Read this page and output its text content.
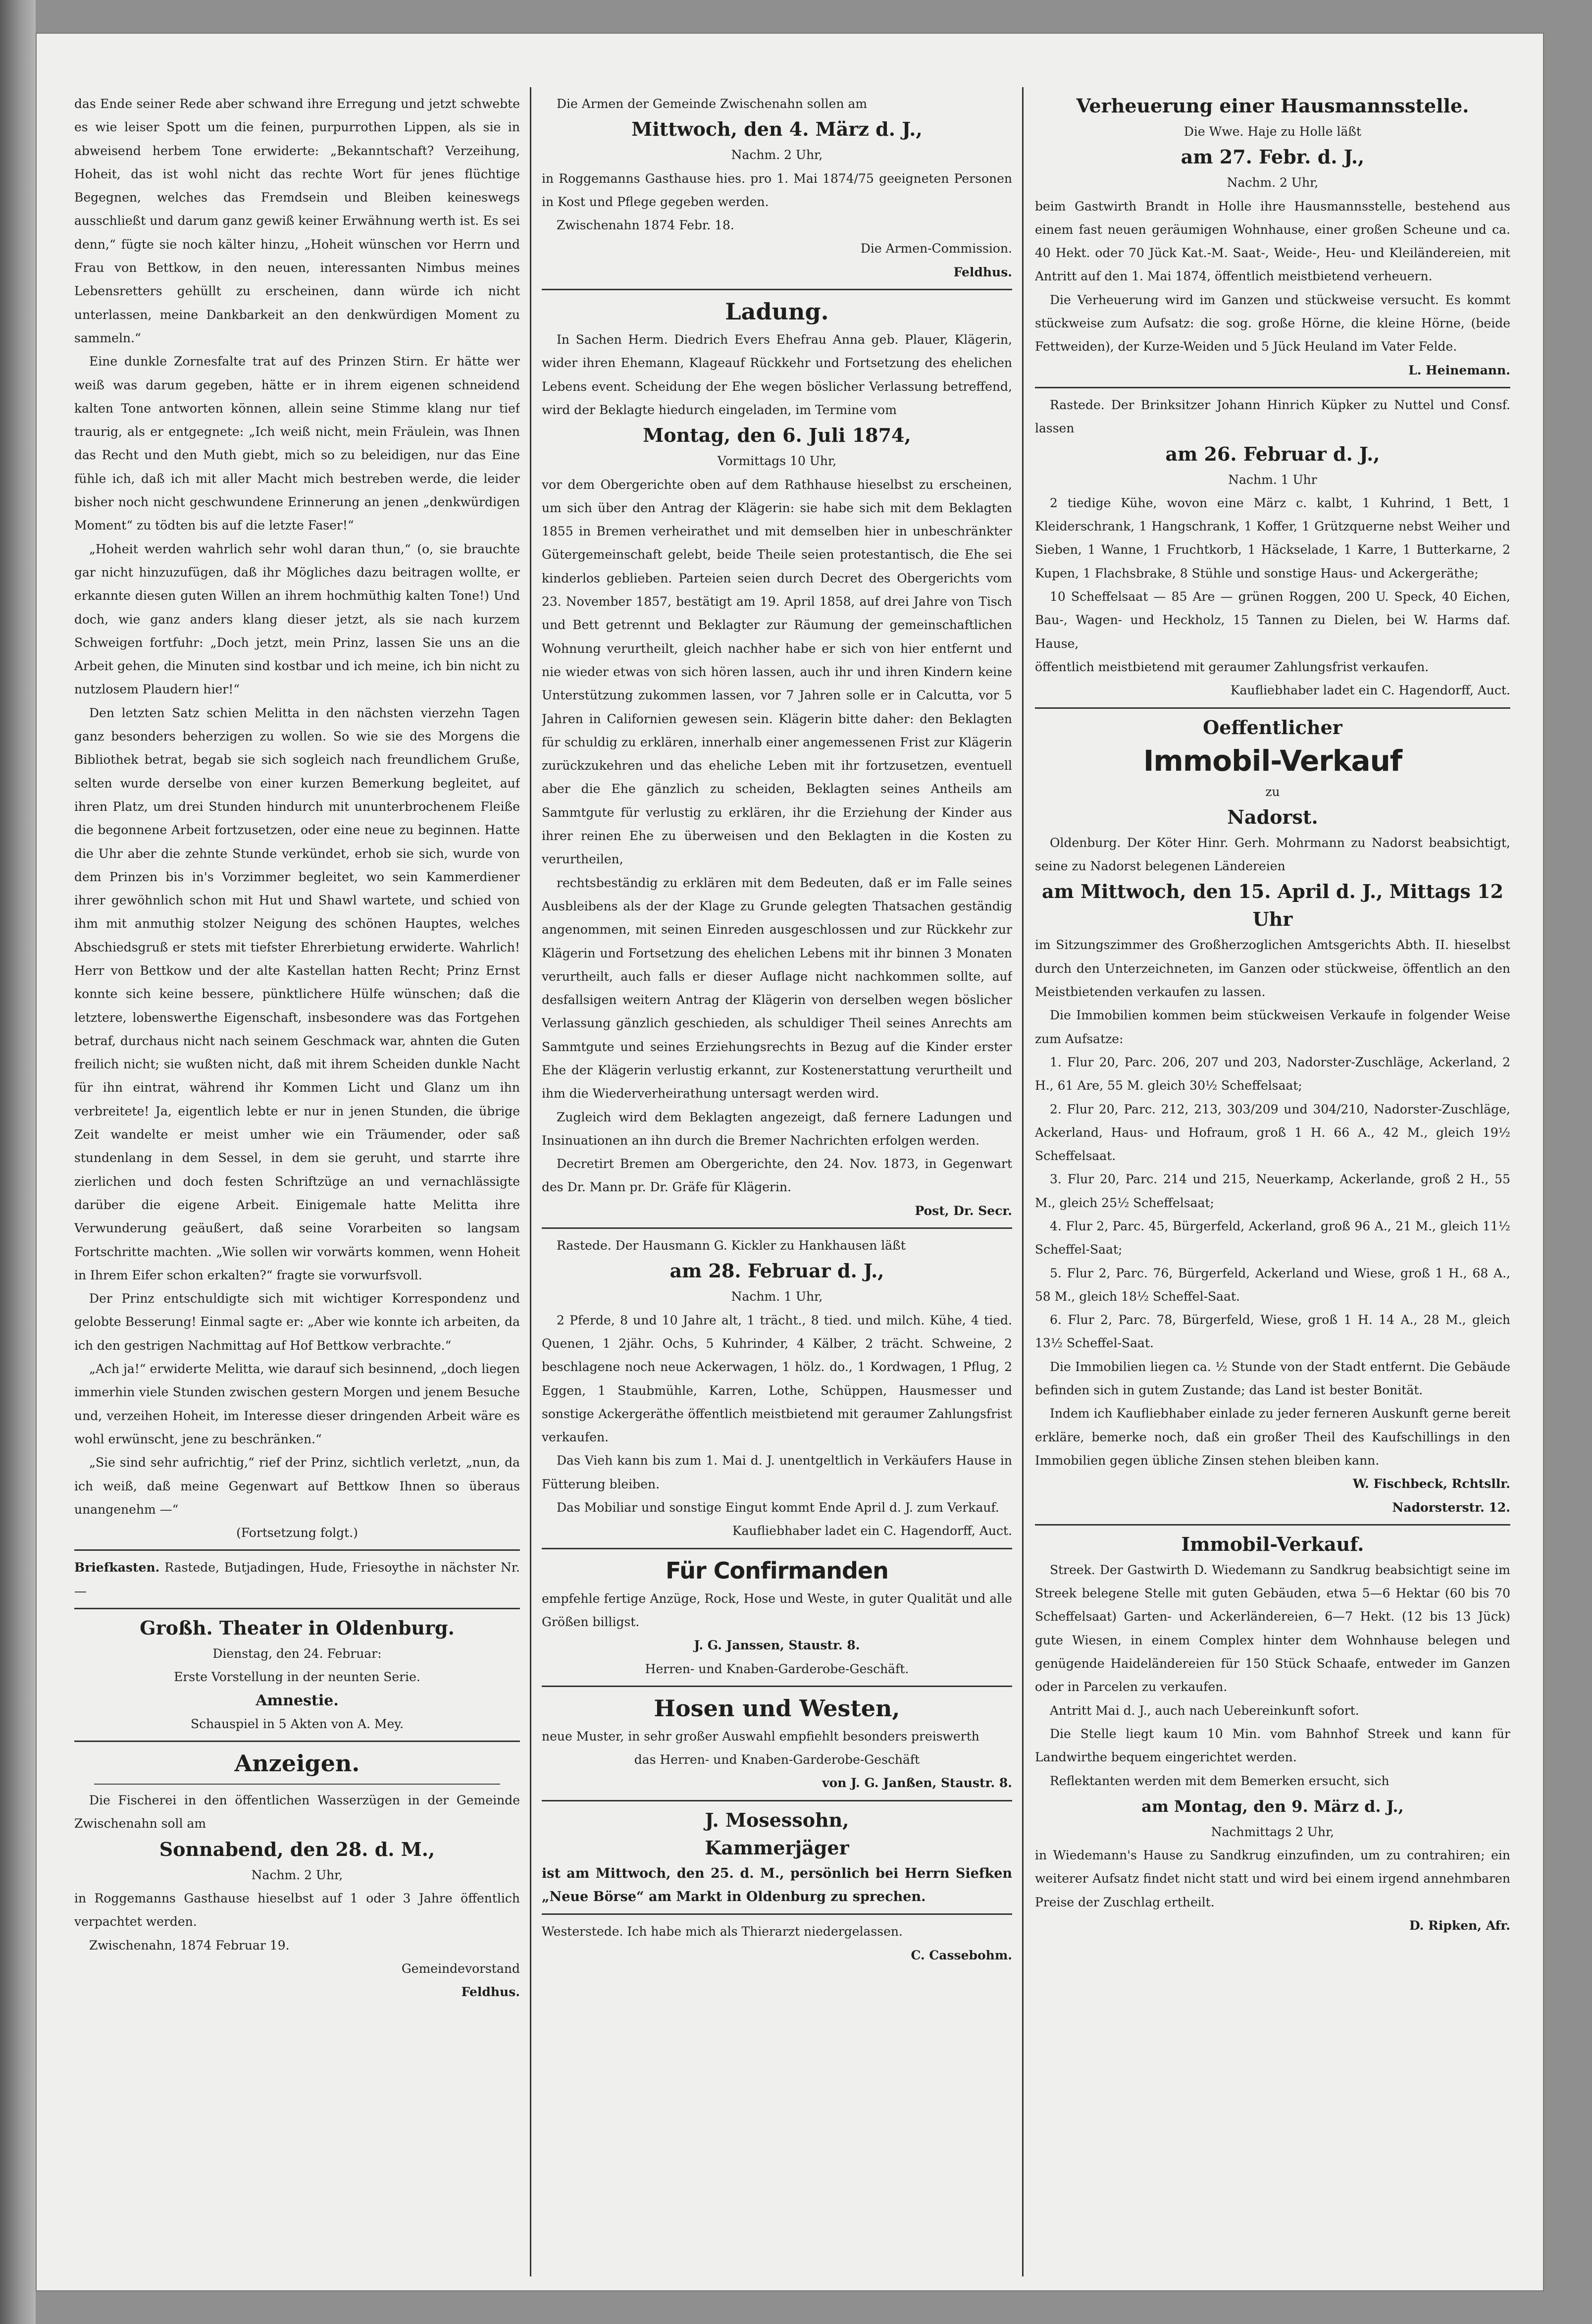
das Ende seiner Rede aber schwand ihre Erregung und jetzt schwebte es wie leiser Spott um die feinen, purpurrothen Lippen, als sie in abweisend herbem Tone erwiderte: „Bekanntschaft? Verzeihung, Hoheit, das ist wohl nicht das rechte Wort für jenes flüchtige Begegnen, welches das Fremdsein und Bleiben keineswegs ausschließt und darum ganz gewiß keiner Erwähnung werth ist. Es sei denn,“ fügte sie noch kälter hinzu, „Hoheit wünschen vor Herrn und Frau von Bettkow, in den neuen, interessanten Nimbus meines Lebensretters gehüllt zu erscheinen, dann würde ich nicht unterlassen, meine Dankbarkeit an den denkwürdigen Moment zu sammeln.“

Eine dunkle Zornesfalte trat auf des Prinzen Stirn. Er hätte wer weiß was darum gegeben, hätte er in ihrem eigenen schneidend kalten Tone antworten können, allein seine Stimme klang nur tief traurig, als er entgegnete: „Ich weiß nicht, mein Fräulein, was Ihnen das Recht und den Muth giebt, mich so zu beleidigen, nur das Eine fühle ich, daß ich mit aller Macht mich bestreben werde, die leider bisher noch nicht geschwundene Erinnerung an jenen „denkwürdigen Moment“ zu tödten bis auf die letzte Faser!“

„Hoheit werden wahrlich sehr wohl daran thun,“ (o, sie brauchte gar nicht hinzuzufügen, daß ihr Mögliches dazu beitragen wollte, er erkannte diesen guten Willen an ihrem hochmüthig kalten Tone!) Und doch, wie ganz anders klang dieser jetzt, als sie nach kurzem Schweigen fortfuhr: „Doch jetzt, mein Prinz, lassen Sie uns an die Arbeit gehen, die Minuten sind kostbar und ich meine, ich bin nicht zu nutzlosem Plaudern hier!“

Den letzten Satz schien Melitta in den nächsten vierzehn Tagen ganz besonders beherzigen zu wollen. So wie sie des Morgens die Bibliothek betrat, begab sie sich sogleich nach freundlichem Gruße, selten wurde derselbe von einer kurzen Bemerkung begleitet, auf ihren Platz, um drei Stunden hindurch mit ununterbrochenem Fleiße die begonnene Arbeit fortzusetzen, oder eine neue zu beginnen. Hatte die Uhr aber die zehnte Stunde verkündet, erhob sie sich, wurde von dem Prinzen bis in's Vorzimmer begleitet, wo sein Kammerdiener ihrer gewöhnlich schon mit Hut und Shawl wartete, und schied von ihm mit anmuthig stolzer Neigung des schönen Hauptes, welches Abschiedsgruß er stets mit tiefster Ehrerbietung erwiderte. Wahrlich! Herr von Bettkow und der alte Kastellan hatten Recht; Prinz Ernst konnte sich keine bessere, pünktlichere Hülfe wünschen; daß die letztere, lobenswerthe Eigenschaft, insbesondere was das Fortgehen betraf, durchaus nicht nach seinem Geschmack war, ahnten die Guten freilich nicht; sie wußten nicht, daß mit ihrem Scheiden dunkle Nacht für ihn eintrat, während ihr Kommen Licht und Glanz um ihn verbreitete! Ja, eigentlich lebte er nur in jenen Stunden, die übrige Zeit wandelte er meist umher wie ein Träumender, oder saß stundenlang in dem Sessel, in dem sie geruht, und starrte ihre zierlichen und doch festen Schriftzüge an und vernachlässigte darüber die eigene Arbeit. Einigemale hatte Melitta ihre Verwunderung geäußert, daß seine Vorarbeiten so langsam Fortschritte machten. „Wie sollen wir vorwärts kommen, wenn Hoheit in Ihrem Eifer schon erkalten?“ fragte sie vorwurfsvoll.

Der Prinz entschuldigte sich mit wichtiger Korrespondenz und gelobte Besserung! Einmal sagte er: „Aber wie konnte ich arbeiten, da ich den gestrigen Nachmittag auf Hof Bettkow verbrachte.“

„Ach ja!“ erwiderte Melitta, wie darauf sich besinnend, „doch liegen immerhin viele Stunden zwischen gestern Morgen und jenem Besuche und, verzeihen Hoheit, im Interesse dieser dringenden Arbeit wäre es wohl erwünscht, jene zu beschränken.“

„Sie sind sehr aufrichtig,“ rief der Prinz, sichtlich verletzt, „nun, da ich weiß, daß meine Gegenwart auf Bettkow Ihnen so überaus unangenehm —“

(Fortsetzung folgt.)

Briefkasten. Rastede, Butjadingen, Hude, Friesoythe in nächster Nr. —

Großh. Theater in Oldenburg.

Dienstag, den 24. Februar:

Erste Vorstellung in der neunten Serie.

Amnestie.

Schauspiel in 5 Akten von A. Mey.

Anzeigen.

Die Fischerei in den öffentlichen Wasserzügen in der Gemeinde Zwischenahn soll am

Sonnabend, den 28. d. M.,

Nachm. 2 Uhr,

in Roggemanns Gasthause hieselbst auf 1 oder 3 Jahre öffentlich verpachtet werden.

Zwischenahn, 1874 Februar 19.

Gemeindevorstand

Feldhus.

Die Armen der Gemeinde Zwischenahn sollen am

Mittwoch, den 4. März d. J.,

Nachm. 2 Uhr,

in Roggemanns Gasthause hies. pro 1. Mai 1874/75 geeigneten Personen in Kost und Pflege gegeben werden.

Zwischenahn 1874 Febr. 18.

Die Armen-Commission.

Feldhus.

Ladung.

In Sachen Herm. Diedrich Evers Ehefrau Anna geb. Plauer, Klägerin, wider ihren Ehemann, Klageauf Rückkehr und Fortsetzung des ehelichen Lebens event. Scheidung der Ehe wegen böslicher Verlassung betreffend, wird der Beklagte hiedurch eingeladen, im Termine vom

Montag, den 6. Juli 1874,

Vormittags 10 Uhr,

vor dem Obergerichte oben auf dem Rathhause hieselbst zu erscheinen, um sich über den Antrag der Klägerin: sie habe sich mit dem Beklagten 1855 in Bremen verheirathet und mit demselben hier in unbeschränkter Gütergemeinschaft gelebt, beide Theile seien protestantisch, die Ehe sei kinderlos geblieben. Parteien seien durch Decret des Obergerichts vom 23. November 1857, bestätigt am 19. April 1858, auf drei Jahre von Tisch und Bett getrennt und Beklagter zur Räumung der gemeinschaftlichen Wohnung verurtheilt, gleich nachher habe er sich von hier entfernt und nie wieder etwas von sich hören lassen, auch ihr und ihren Kindern keine Unterstützung zukommen lassen, vor 7 Jahren solle er in Calcutta, vor 5 Jahren in Californien gewesen sein. Klägerin bitte daher: den Beklagten für schuldig zu erklären, innerhalb einer angemessenen Frist zur Klägerin zurückzukehren und das eheliche Leben mit ihr fortzusetzen, eventuell aber die Ehe gänzlich zu scheiden, Beklagten seines Antheils am Sammtgute für verlustig zu erklären, ihr die Erziehung der Kinder aus ihrer reinen Ehe zu überweisen und den Beklagten in die Kosten zu verurtheilen,

rechtsbeständig zu erklären mit dem Bedeuten, daß er im Falle seines Ausbleibens als der der Klage zu Grunde gelegten Thatsachen geständig angenommen, mit seinen Einreden ausgeschlossen und zur Rückkehr zur Klägerin und Fortsetzung des ehelichen Lebens mit ihr binnen 3 Monaten verurtheilt, auch falls er dieser Auflage nicht nachkommen sollte, auf desfallsigen weitern Antrag der Klägerin von derselben wegen böslicher Verlassung gänzlich geschieden, als schuldiger Theil seines Anrechts am Sammtgute und seines Erziehungsrechts in Bezug auf die Kinder erster Ehe der Klägerin verlustig erkannt, zur Kostenerstattung verurtheilt und ihm die Wiederverheirathung untersagt werden wird.

Zugleich wird dem Beklagten angezeigt, daß fernere Ladungen und Insinuationen an ihn durch die Bremer Nachrichten erfolgen werden.

Decretirt Bremen am Obergerichte, den 24. Nov. 1873, in Gegenwart des Dr. Mann pr. Dr. Gräfe für Klägerin.

Post, Dr. Secr.

Rastede. Der Hausmann G. Kickler zu Hankhausen läßt

am 28. Februar d. J.,

Nachm. 1 Uhr,

2 Pferde, 8 und 10 Jahre alt, 1 trächt., 8 tied. und milch. Kühe, 4 tied. Quenen, 1 2jähr. Ochs, 5 Kuhrinder, 4 Kälber, 2 trächt. Schweine, 2 beschlagene noch neue Ackerwagen, 1 hölz. do., 1 Kordwagen, 1 Pflug, 2 Eggen, 1 Staubmühle, Karren, Lothe, Schüppen, Hausmesser und sonstige Ackergeräthe öffentlich meistbietend mit geraumer Zahlungsfrist verkaufen.

Das Vieh kann bis zum 1. Mai d. J. unentgeltlich in Verkäufers Hause in Fütterung bleiben.

Das Mobiliar und sonstige Eingut kommt Ende April d. J. zum Verkauf.

Kaufliebhaber ladet ein C. Hagendorff, Auct.

Für Confirmanden

empfehle fertige Anzüge, Rock, Hose und Weste, in guter Qualität und alle Größen billigst.

J. G. Janssen, Staustr. 8.

Herren- und Knaben-Garderobe-Geschäft.

Hosen und Westen,

neue Muster, in sehr großer Auswahl empfiehlt besonders preiswerth

das Herren- und Knaben-Garderobe-Geschäft

von J. G. Janßen, Staustr. 8.

J. Mosessohn,
Kammerjäger

ist am Mittwoch, den 25. d. M., persönlich bei Herrn Siefken „Neue Börse“ am Markt in Oldenburg zu sprechen.

Westerstede. Ich habe mich als Thierarzt niedergelassen.

C. Cassebohm.

Verheuerung einer Hausmannsstelle.

Die Wwe. Haje zu Holle läßt

am 27. Febr. d. J.,

Nachm. 2 Uhr,

beim Gastwirth Brandt in Holle ihre Hausmannsstelle, bestehend aus einem fast neuen geräumigen Wohnhause, einer großen Scheune und ca. 40 Hekt. oder 70 Jück Kat.-M. Saat-, Weide-, Heu- und Kleiländereien, mit Antritt auf den 1. Mai 1874, öffentlich meistbietend verheuern.

Die Verheuerung wird im Ganzen und stückweise versucht. Es kommt stückweise zum Aufsatz: die sog. große Hörne, die kleine Hörne, (beide Fettweiden), der Kurze-Weiden und 5 Jück Heuland im Vater Felde.

L. Heinemann.

Rastede. Der Brinksitzer Johann Hinrich Küpker zu Nuttel und Consf. lassen

am 26. Februar d. J.,

Nachm. 1 Uhr

2 tiedige Kühe, wovon eine März c. kalbt, 1 Kuhrind, 1 Bett, 1 Kleiderschrank, 1 Hangschrank, 1 Koffer, 1 Grützquerne nebst Weiher und Sieben, 1 Wanne, 1 Fruchtkorb, 1 Häckselade, 1 Karre, 1 Butterkarne, 2 Kupen, 1 Flachsbrake, 8 Stühle und sonstige Haus- und Ackergeräthe;

10 Scheffelsaat — 85 Are — grünen Roggen, 200 U. Speck, 40 Eichen, Bau-, Wagen- und Heckholz, 15 Tannen zu Dielen, bei W. Harms daf. Hause,

öffentlich meistbietend mit geraumer Zahlungsfrist verkaufen.

Kaufliebhaber ladet ein C. Hagendorff, Auct.

Oeffentlicher
Immobil-Verkauf

zu

Nadorst.

Oldenburg. Der Köter Hinr. Gerh. Mohrmann zu Nadorst beabsichtigt, seine zu Nadorst belegenen Ländereien

am Mittwoch, den 15. April d. J., Mittags 12 Uhr

im Sitzungszimmer des Großherzoglichen Amtsgerichts Abth. II. hieselbst durch den Unterzeichneten, im Ganzen oder stückweise, öffentlich an den Meistbietenden verkaufen zu lassen.

Die Immobilien kommen beim stückweisen Verkaufe in folgender Weise zum Aufsatze:

1. Flur 20, Parc. 206, 207 und 203, Nadorster-Zuschläge, Ackerland, 2 H., 61 Are, 55 M. gleich 30½ Scheffelsaat;

2. Flur 20, Parc. 212, 213, 303/209 und 304/210, Nadorster-Zuschläge, Ackerland, Haus- und Hofraum, groß 1 H. 66 A., 42 M., gleich 19½ Scheffelsaat.

3. Flur 20, Parc. 214 und 215, Neuerkamp, Ackerlande, groß 2 H., 55 M., gleich 25½ Scheffelsaat;

4. Flur 2, Parc. 45, Bürgerfeld, Ackerland, groß 96 A., 21 M., gleich 11½ Scheffel-Saat;

5. Flur 2, Parc. 76, Bürgerfeld, Ackerland und Wiese, groß 1 H., 68 A., 58 M., gleich 18½ Scheffel-Saat.

6. Flur 2, Parc. 78, Bürgerfeld, Wiese, groß 1 H. 14 A., 28 M., gleich 13½ Scheffel-Saat.

Die Immobilien liegen ca. ½ Stunde von der Stadt entfernt. Die Gebäude befinden sich in gutem Zustande; das Land ist bester Bonität.

Indem ich Kaufliebhaber einlade zu jeder ferneren Auskunft gerne bereit erkläre, bemerke noch, daß ein großer Theil des Kaufschillings in den Immobilien gegen übliche Zinsen stehen bleiben kann.

W. Fischbeck, Rchtsllr.

Nadorsterstr. 12.

Immobil-Verkauf.

Streek. Der Gastwirth D. Wiedemann zu Sandkrug beabsichtigt seine im Streek belegene Stelle mit guten Gebäuden, etwa 5—6 Hektar (60 bis 70 Scheffelsaat) Garten- und Ackerländereien, 6—7 Hekt. (12 bis 13 Jück) gute Wiesen, in einem Complex hinter dem Wohnhause belegen und genügende Haideländereien für 150 Stück Schaafe, entweder im Ganzen oder in Parcelen zu verkaufen.

Antritt Mai d. J., auch nach Uebereinkunft sofort.

Die Stelle liegt kaum 10 Min. vom Bahnhof Streek und kann für Landwirthe bequem eingerichtet werden.

Reflektanten werden mit dem Bemerken ersucht, sich

am Montag, den 9. März d. J.,

Nachmittags 2 Uhr,

in Wiedemann's Hause zu Sandkrug einzufinden, um zu contrahiren; ein weiterer Aufsatz findet nicht statt und wird bei einem irgend annehmbaren Preise der Zuschlag ertheilt.

D. Ripken, Afr.
